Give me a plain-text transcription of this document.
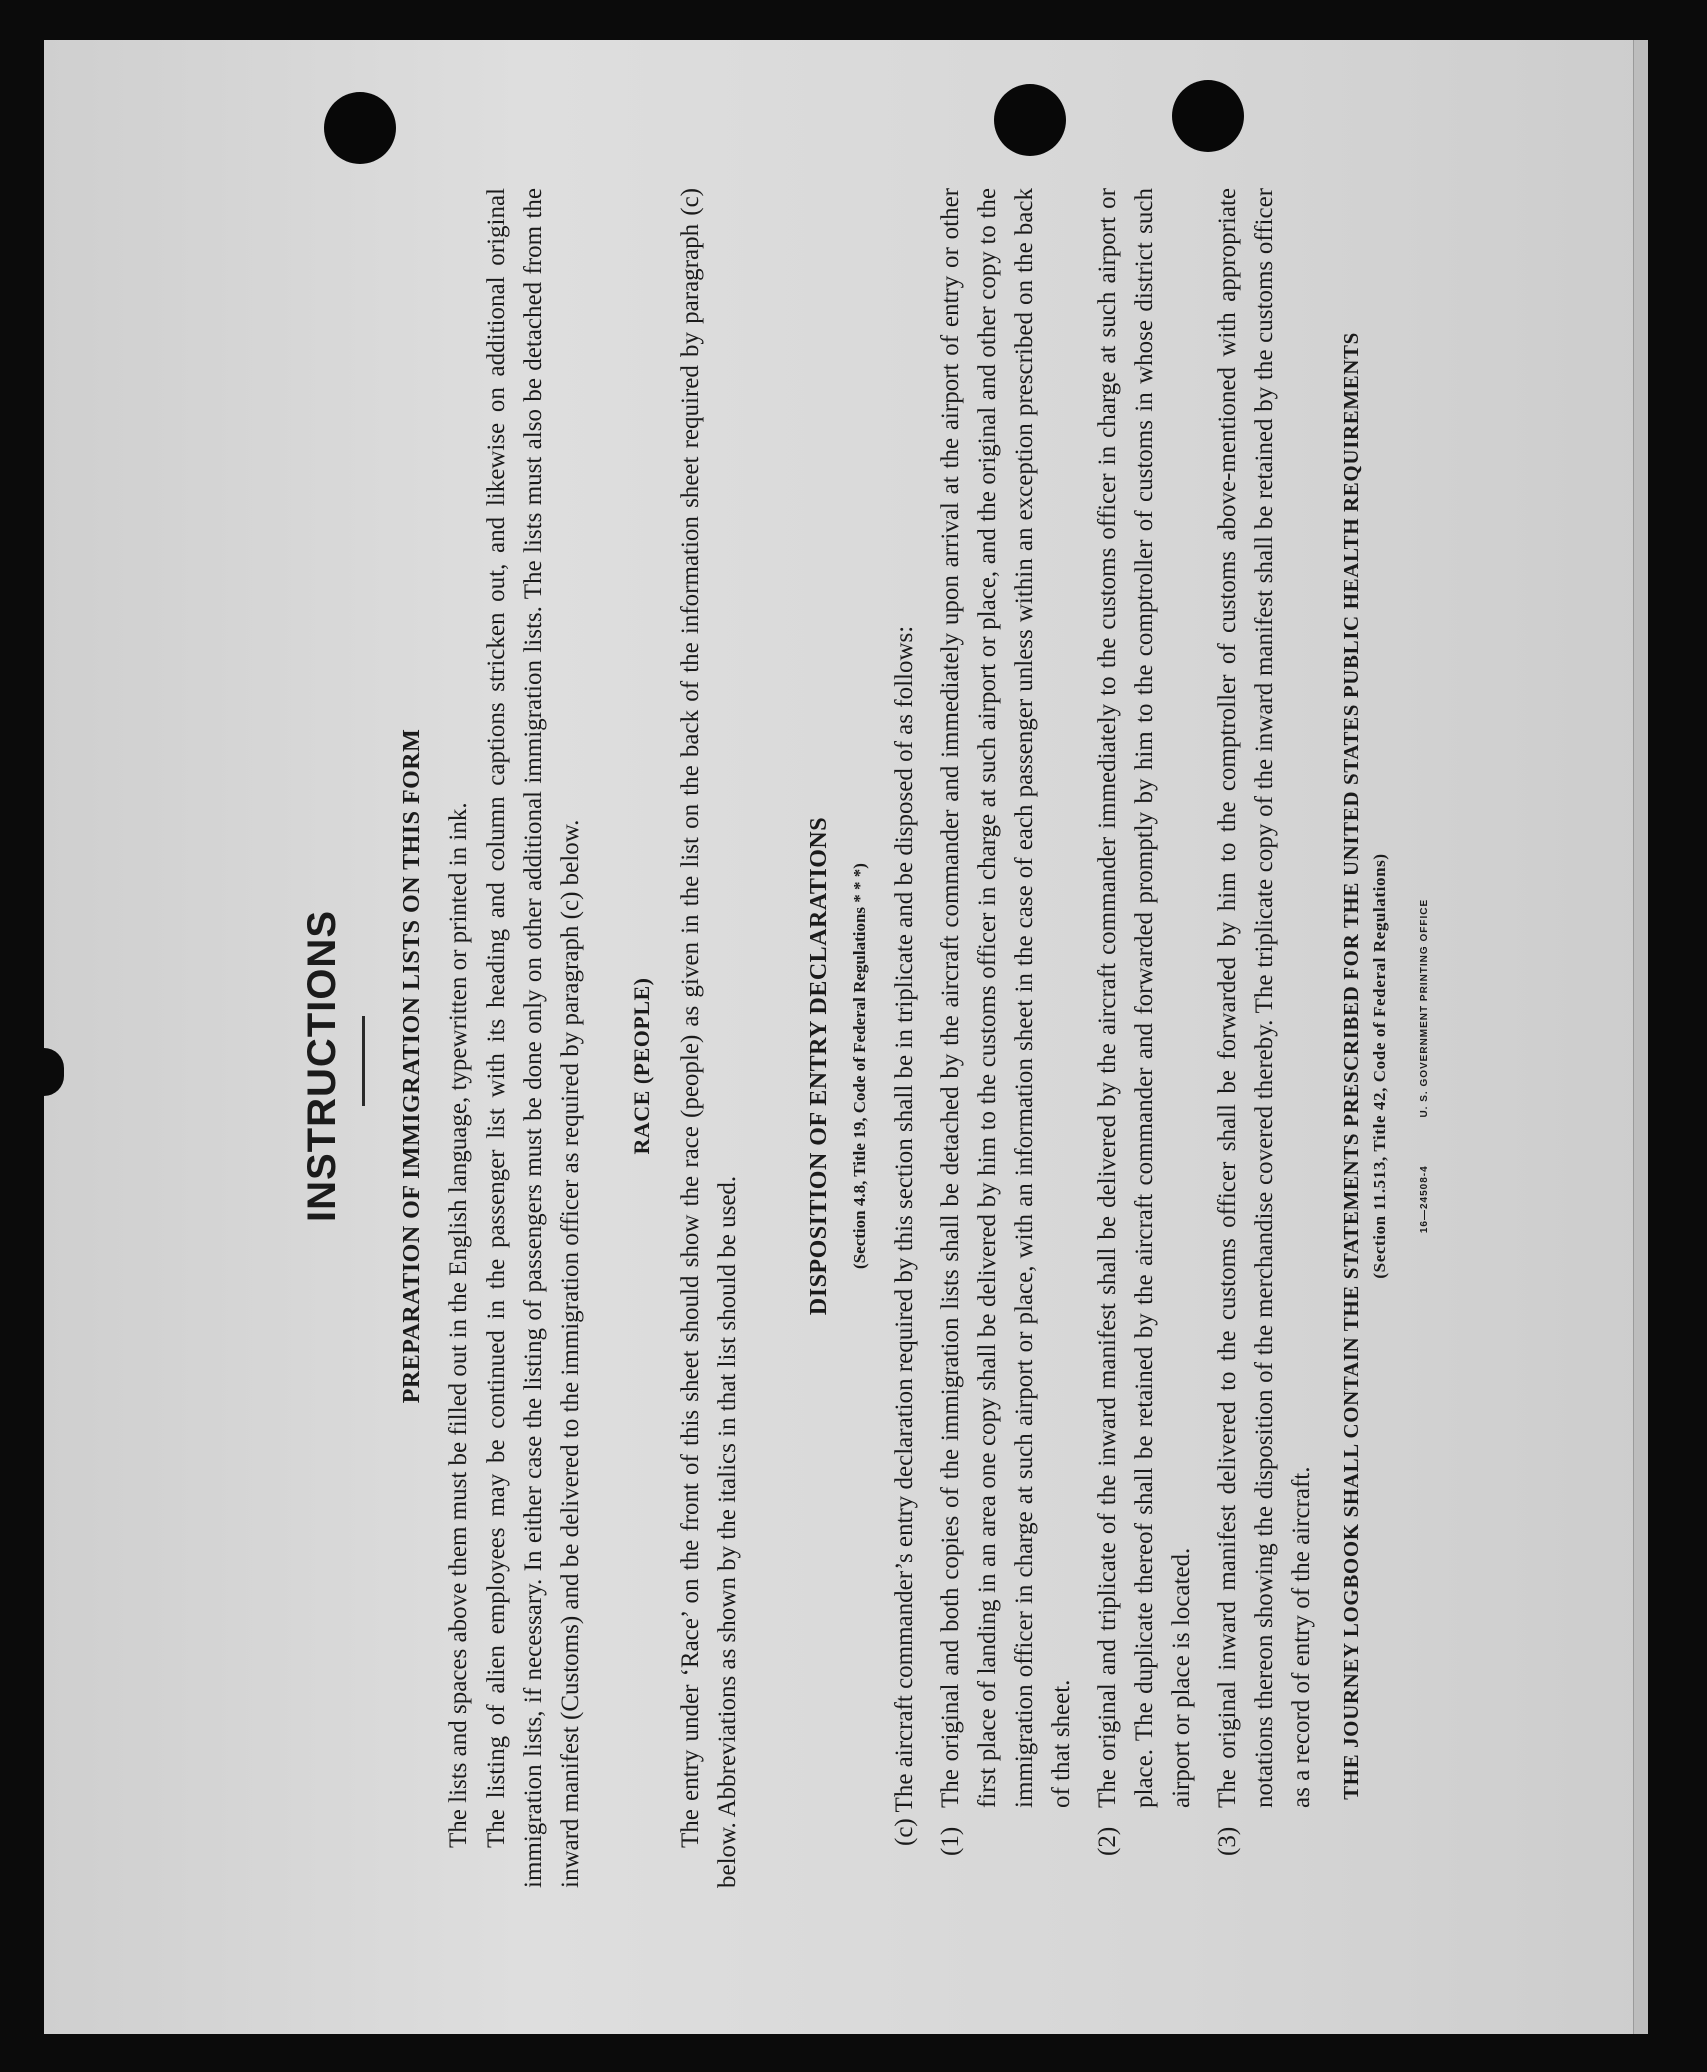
INSTRUCTIONS PREPARATION OF IMMIGRATION LISTS ON THIS FORM The lists and spaces above them must be filled out in the English language, typewritten or printed in ink. The listing of alien employees may be continued in the passenger list with its heading and column captions stricken out, and likewise on additional original immigration lists, if necessary. In either case the listing of passengers must be done only on other additional immigration lists. The lists must also be detached from the inward manifest (Customs) and be delivered to the immigration officer as required by paragraph (c) below. RACE (PEOPLE) The entry under ‘Race’ on the front of this sheet should show the race (people) as given in the list on the back of the information sheet required by paragraph (c) below. Abbreviations as shown by the italics in that list should be used.

DISPOSITION OF ENTRY DECLARATIONS (Section 4.8, Title 19, Code of Federal Regulations * * *) (c) The aircraft commander’s entry declaration required by this section shall be in triplicate and be disposed of as follows: (1)
The original and both copies of the immigration lists shall be detached by the aircraft commander and immediately upon arrival at the airport of entry or other first place of landing in an area one copy shall be delivered by him to the customs officer in charge at such airport or place, and the original and other copy to the immigration officer in charge at such airport or place, with an information sheet in the case of each passenger unless within an exception prescribed on the back of that sheet.
(2)
The original and triplicate of the inward manifest shall be delivered by the aircraft commander immediately to the customs officer in charge at such airport or place. The duplicate thereof shall be retained by the aircraft commander and forwarded promptly by him to the comptroller of customs in whose district such airport or place is located.
(3)
The original inward manifest delivered to the customs officer shall be forwarded by him to the comptroller of customs above-mentioned with appropriate notations thereon showing the disposition of the merchandise covered thereby. The triplicate copy of the inward manifest shall be retained by the customs officer as a record of entry of the aircraft. THE JOURNEY LOGBOOK SHALL CONTAIN THE STATEMENTS PRESCRIBED FOR THE UNITED STATES PUBLIC HEALTH REQUIREMENTS (Section 11.513, Title 42, Code of Federal Regulations)	16—24508-4 U. S. GOVERNMENT PRINTING OFFICE
